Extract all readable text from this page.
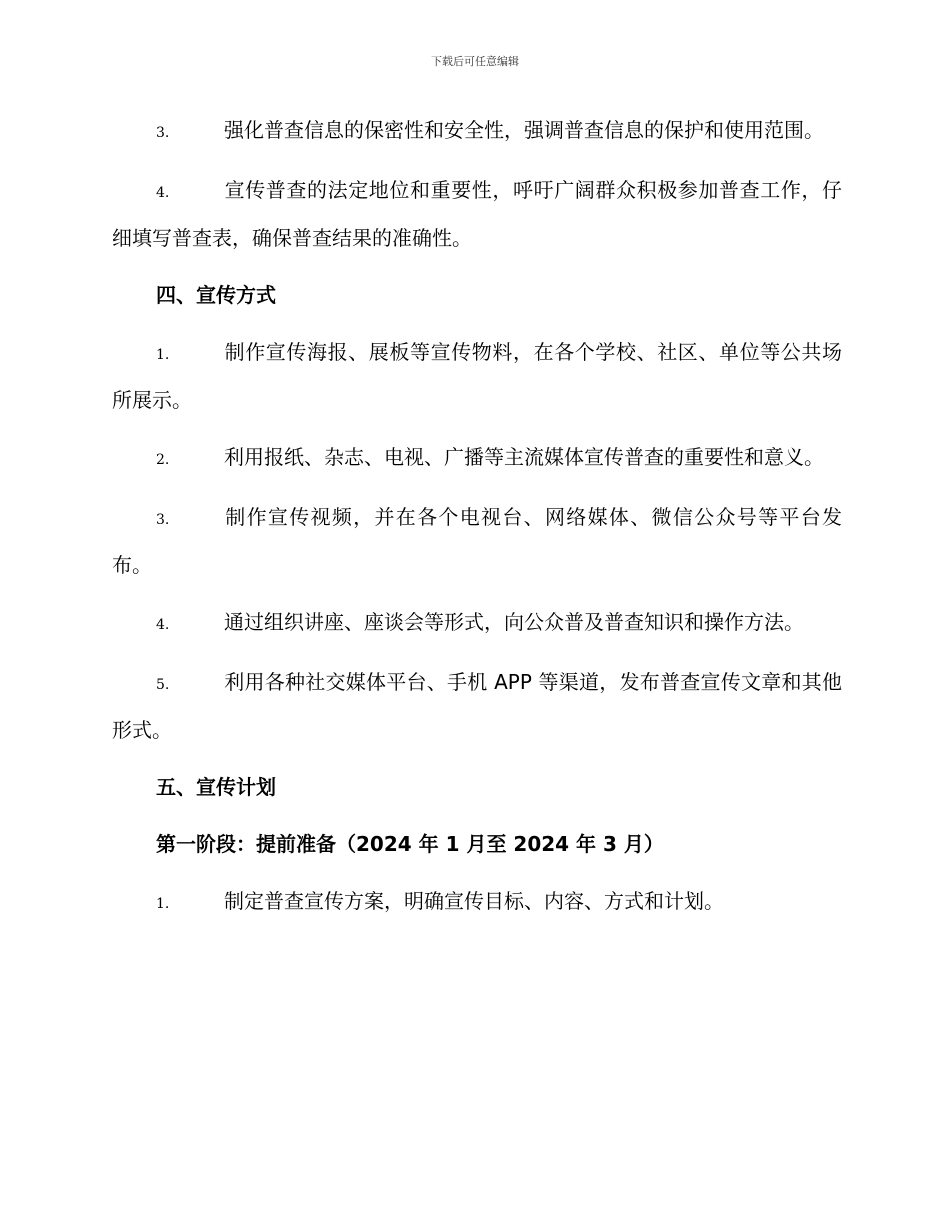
下载后可任意编辑

3.	强化普查信息的保密性和安全性，强调普查信息的保护和使用范围。

4.	宣传普查的法定地位和重要性，呼吁广阔群众积极参加普查工作，仔细填写普查表，确保普查结果的准确性。

四、宣传方式

1.	制作宣传海报、展板等宣传物料，在各个学校、社区、单位等公共场所展示。

2.	利用报纸、杂志、电视、广播等主流媒体宣传普查的重要性和意义。

3.	制作宣传视频，并在各个电视台、网络媒体、微信公众号等平台发布。

4.	通过组织讲座、座谈会等形式，向公众普及普查知识和操作方法。

5.	利用各种社交媒体平台、手机 APP 等渠道，发布普查宣传文章和其他形式。

五、宣传计划
第一阶段：提前准备（2024 年 1 月至 2024 年 3 月）

1.	制定普查宣传方案，明确宣传目标、内容、方式和计划。
